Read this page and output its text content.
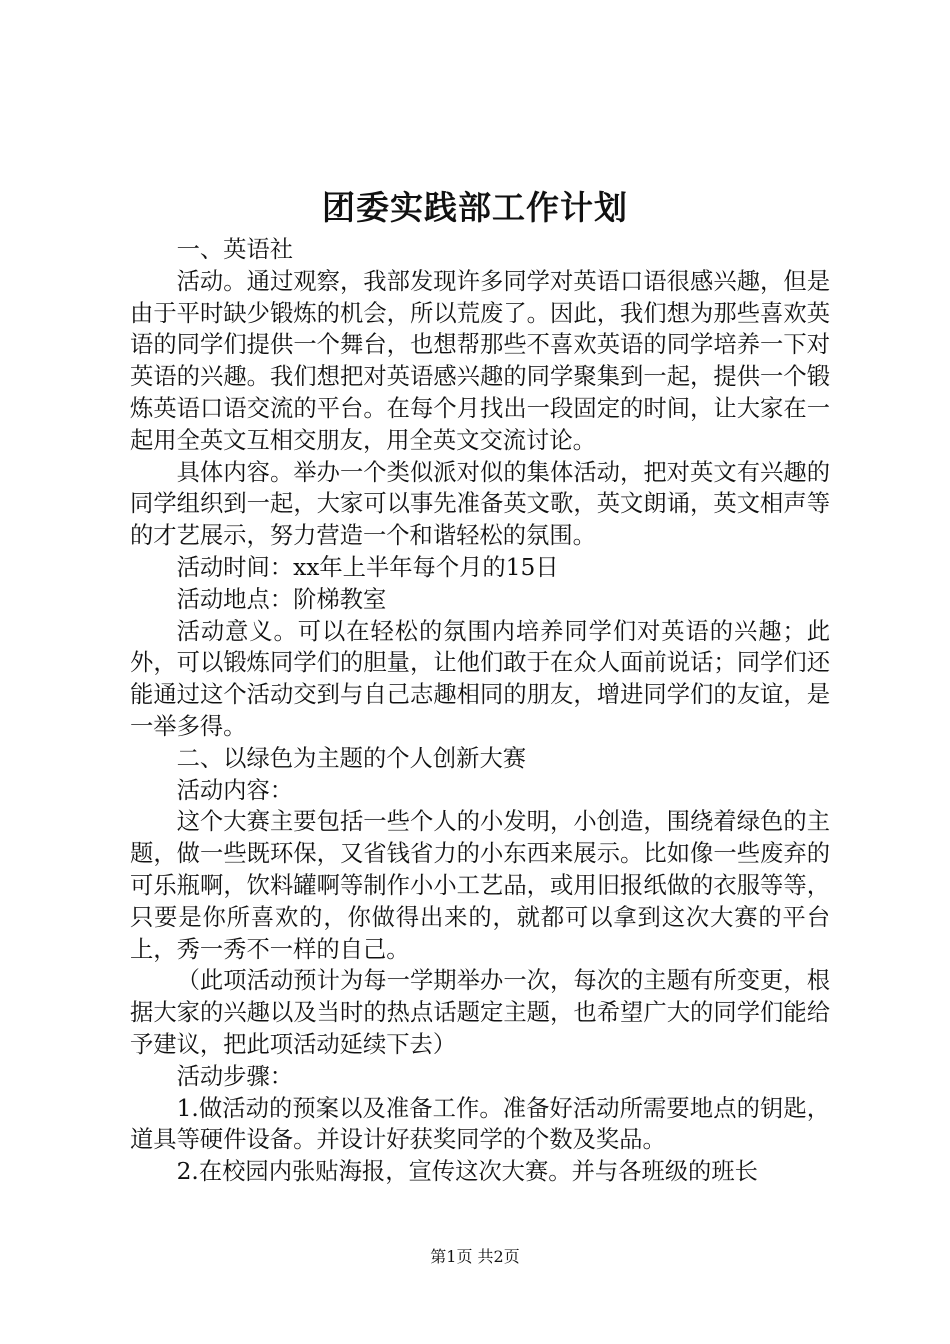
团委实践部工作计划

一、英语社

活动。通过观察，我部发现许多同学对英语口语很感兴趣，但是由于平时缺少锻炼的机会，所以荒废了。因此，我们想为那些喜欢英语的同学们提供一个舞台，也想帮那些不喜欢英语的同学培养一下对英语的兴趣。我们想把对英语感兴趣的同学聚集到一起，提供一个锻炼英语口语交流的平台。在每个月找出一段固定的时间，让大家在一起用全英文互相交朋友，用全英文交流讨论。

具体内容。举办一个类似派对似的集体活动，把对英文有兴趣的同学组织到一起，大家可以事先准备英文歌，英文朗诵，英文相声等的才艺展示，努力营造一个和谐轻松的氛围。

活动时间：xx年上半年每个月的15日

活动地点：阶梯教室

活动意义。可以在轻松的氛围内培养同学们对英语的兴趣；此外，可以锻炼同学们的胆量，让他们敢于在众人面前说话；同学们还能通过这个活动交到与自己志趣相同的朋友，增进同学们的友谊，是一举多得。

二、以绿色为主题的个人创新大赛

活动内容：

这个大赛主要包括一些个人的小发明，小创造，围绕着绿色的主题，做一些既环保，又省钱省力的小东西来展示。比如像一些废弃的可乐瓶啊，饮料罐啊等制作小小工艺品，或用旧报纸做的衣服等等，只要是你所喜欢的，你做得出来的，就都可以拿到这次大赛的平台上，秀一秀不一样的自己。

（此项活动预计为每一学期举办一次，每次的主题有所变更，根据大家的兴趣以及当时的热点话题定主题，也希望广大的同学们能给予建议，把此项活动延续下去）

活动步骤：

1.做活动的预案以及准备工作。准备好活动所需要地点的钥匙，道具等硬件设备。并设计好获奖同学的个数及奖品。

2.在校园内张贴海报，宣传这次大赛。并与各班级的班长

第1页 共2页
